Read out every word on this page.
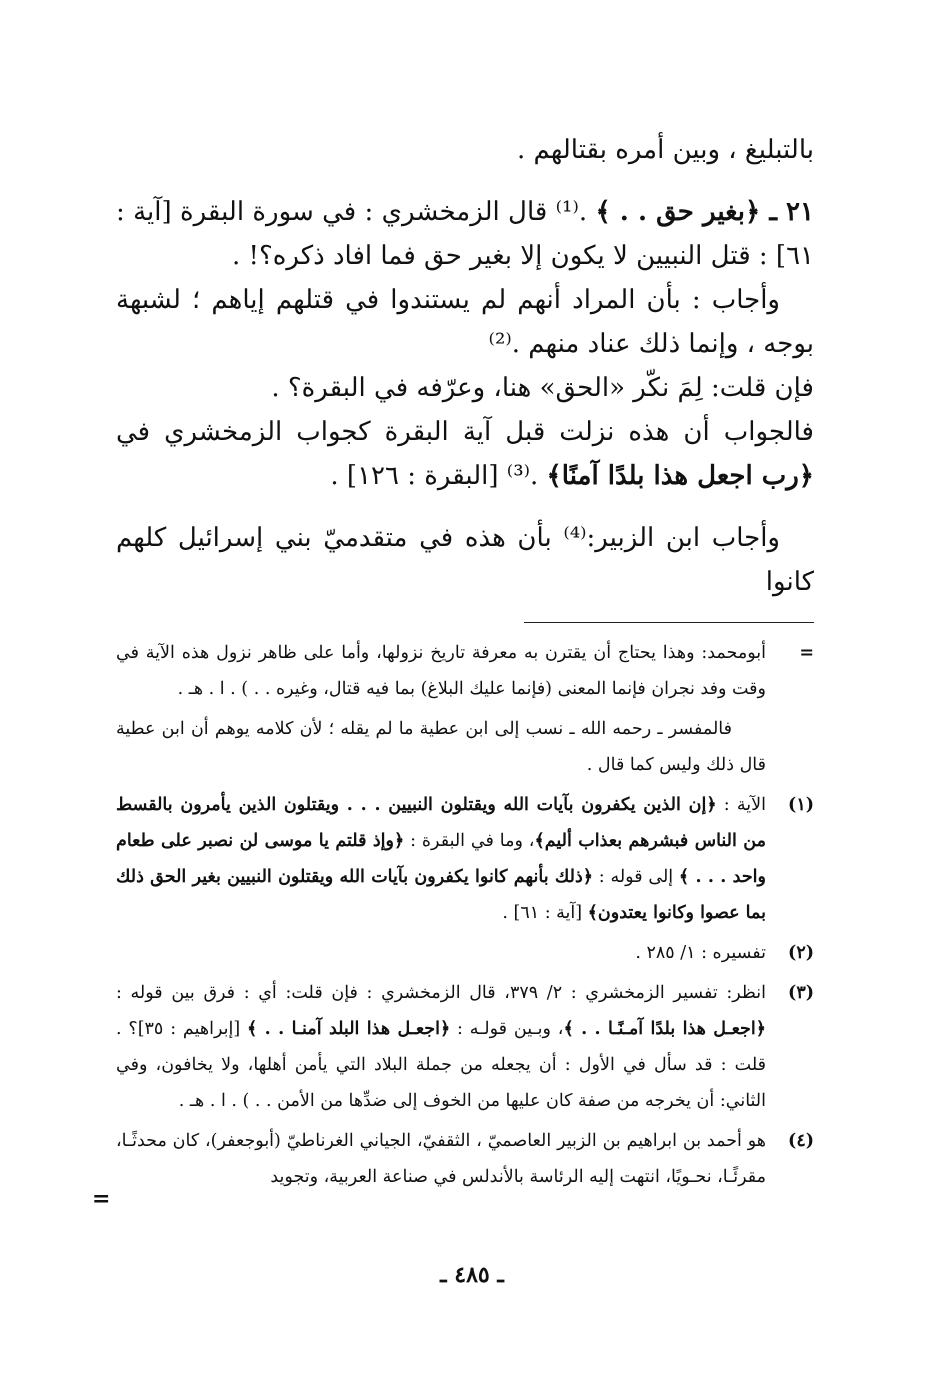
بالتبليغ ، وبين أمره بقتالهم .

٢١ ـ ﴿بغير حق . . ﴾ .⁽¹⁾ قال الزمخشري : في سورة البقرة [آية : ٦١] : قتل النبيين لا يكون إلا بغير حق فما افاد ذكره؟! .

وأجاب : بأن المراد أنهم لم يستندوا في قتلهم إياهم ؛ لشبهة بوجه ، وإنما ذلك عناد منهم .⁽²⁾

فإن قلت: لِمَ نكّر «الحق» هنا، وعرّفه في البقرة؟ .

فالجواب أن هذه نزلت قبل آية البقرة كجواب الزمخشري في ﴿رب اجعل هذا بلدًا آمنًا﴾ .⁽³⁾ [البقرة : ١٢٦] .

وأجاب ابن الزبير:⁽⁴⁾ بأن هذه في متقدميّ بني إسرائيل كلهم كانوا

=
أبومحمد: وهذا يحتاج أن يقترن به معرفة تاريخ نزولها، وأما على ظاهر نزول هذه الآية في وقت وفد نجران فإنما المعنى (فإنما عليك البلاغ) بما فيه قتال، وغيره . . ) . ا . هـ .

فالمفسر ـ رحمه الله ـ نسب إلى ابن عطية ما لم يقله ؛ لأن كلامه يوهم أن ابن عطية قال ذلك وليس كما قال .

(١)
الآية : ﴿إن الذين يكفرون بآيات الله ويقتلون النبيين . . . ويقتلون الذين يأمرون بالقسط من الناس فبشرهم بعذاب أليم﴾، وما في البقرة : ﴿وإذ قلتم يا موسى لن نصبر على طعام واحد . . . ﴾ إلى قوله : ﴿ذلك بأنهم كانوا يكفرون بآيات الله ويقتلون النبيين بغير الحق ذلك بما عصوا وكانوا يعتدون﴾ [آية : ٦١] .

(٢)
تفسيره : ١/ ٢٨٥ .

(٣)
انظر: تفسير الزمخشري : ٢/ ٣٧٩، قال الزمخشري : فإن قلت: أي : فرق بين قوله : ﴿اجعـل هذا بلدًا آمـنًـا . . ﴾، وبـين قولـه : ﴿اجعـل هذا البلد آمنـا . . ﴾ [إبراهيم : ٣٥]؟ . قلت : قد سأل في الأول : أن يجعله من جملة البلاد التي يأمن أهلها، ولا يخافون، وفي الثاني: أن يخرجه من صفة كان عليها من الخوف إلى ضدِّها من الأمن . . ) . ا . هـ .

(٤)
هو أحمد بن ابراهيم بن الزبير العاصميّ ، الثقفيّ، الجياني الغرناطيّ (أبوجعفر)، كان محدثًـا، مقرئًـا، نحـويًا، انتهت إليه الرئاسة بالأندلس في صناعة العربية، وتجويد

=
ـ ٤٨٥ ـ
